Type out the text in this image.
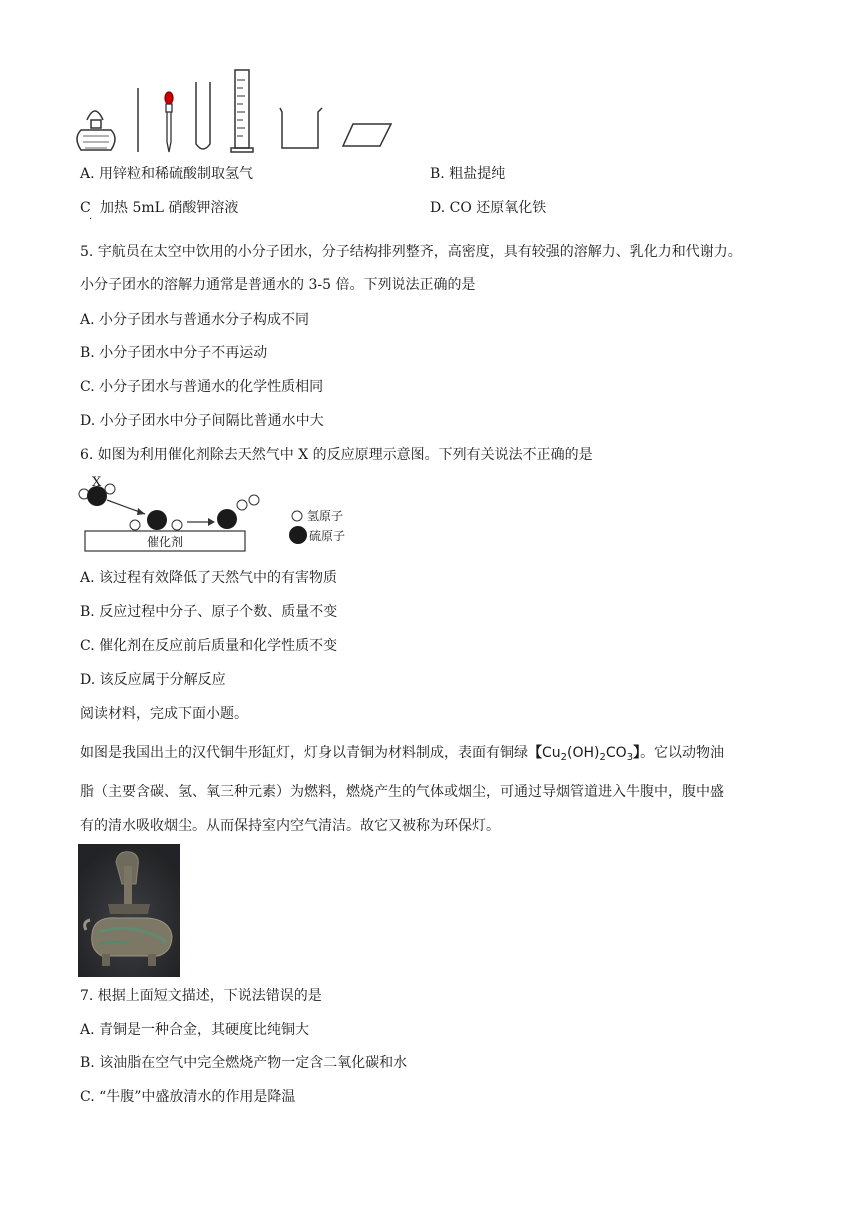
A. 用锌粒和稀硫酸制取氢气	B. 粗盐提纯
C
·
加热 5mL 硝酸钾溶液	D. CO 还原氧化铁
5. 宇航员在太空中饮用的小分子团水，分子结构排列整齐，高密度，具有较强的溶解力、乳化力和代谢力。
小分子团水的溶解力通常是普通水的 3-5 倍。下列说法正确的是
A. 小分子团水与普通水分子构成不同
B. 小分子团水中分子不再运动
C. 小分子团水与普通水的化学性质相同
D. 小分子团水中分子间隔比普通水中大
6. 如图为利用催化剂除去天然气中 X 的反应原理示意图。下列有关说法不正确的是
X
催化剂
氢原子
硫原子
A. 该过程有效降低了天然气中的有害物质
B. 反应过程中分子、原子个数、质量不变
C. 催化剂在反应前后质量和化学性质不变
D. 该反应属于分解反应
阅读材料，完成下面小题。
如图是我国出土的汉代铜牛形缸灯，灯身以青铜为材料制成，表面有铜绿【$Cu_2(OH)_2CO_3$】。它以动物油
脂（主要含碳、氢、氧三种元素）为燃料，燃烧产生的气体或烟尘，可通过导烟管道进入牛腹中，腹中盛
有的清水吸收烟尘。从而保持室内空气清洁。故它又被称为环保灯。
7. 根据上面短文描述，下说法错误的是
A. 青铜是一种合金，其硬度比纯铜大
B. 该油脂在空气中完全燃烧产物一定含二氧化碳和水
C. “牛腹”中盛放清水的作用是降温
